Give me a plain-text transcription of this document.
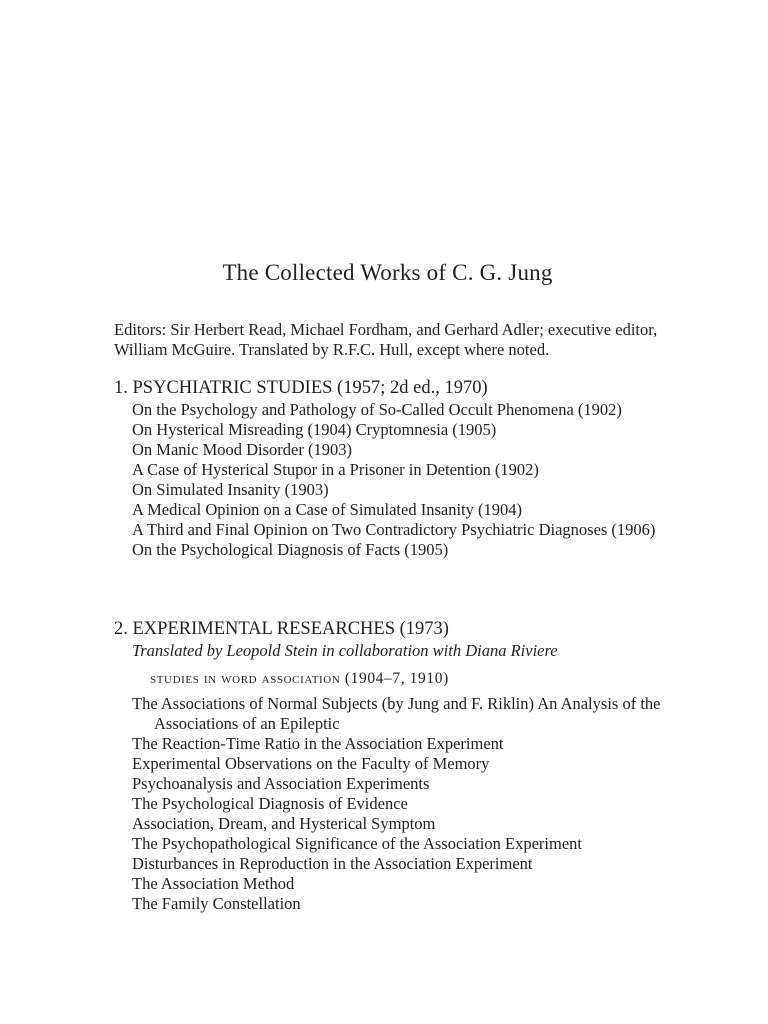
The Collected Works of C. G. Jung
Editors: Sir Herbert Read, Michael Fordham, and Gerhard Adler; executive editor, William McGuire. Translated by R.F.C. Hull, except where noted.
1. PSYCHIATRIC STUDIES (1957; 2d ed., 1970)
On the Psychology and Pathology of So-Called Occult Phenomena (1902)
On Hysterical Misreading (1904) Cryptomnesia (1905)
On Manic Mood Disorder (1903)
A Case of Hysterical Stupor in a Prisoner in Detention (1902)
On Simulated Insanity (1903)
A Medical Opinion on a Case of Simulated Insanity (1904)
A Third and Final Opinion on Two Contradictory Psychiatric Diagnoses (1906)
On the Psychological Diagnosis of Facts (1905)
2. EXPERIMENTAL RESEARCHES (1973)
Translated by Leopold Stein in collaboration with Diana Riviere
studies in word association (1904–7, 1910)
The Associations of Normal Subjects (by Jung and F. Riklin) An Analysis of the Associations of an Epileptic
The Reaction-Time Ratio in the Association Experiment
Experimental Observations on the Faculty of Memory
Psychoanalysis and Association Experiments
The Psychological Diagnosis of Evidence
Association, Dream, and Hysterical Symptom
The Psychopathological Significance of the Association Experiment
Disturbances in Reproduction in the Association Experiment
The Association Method
The Family Constellation
